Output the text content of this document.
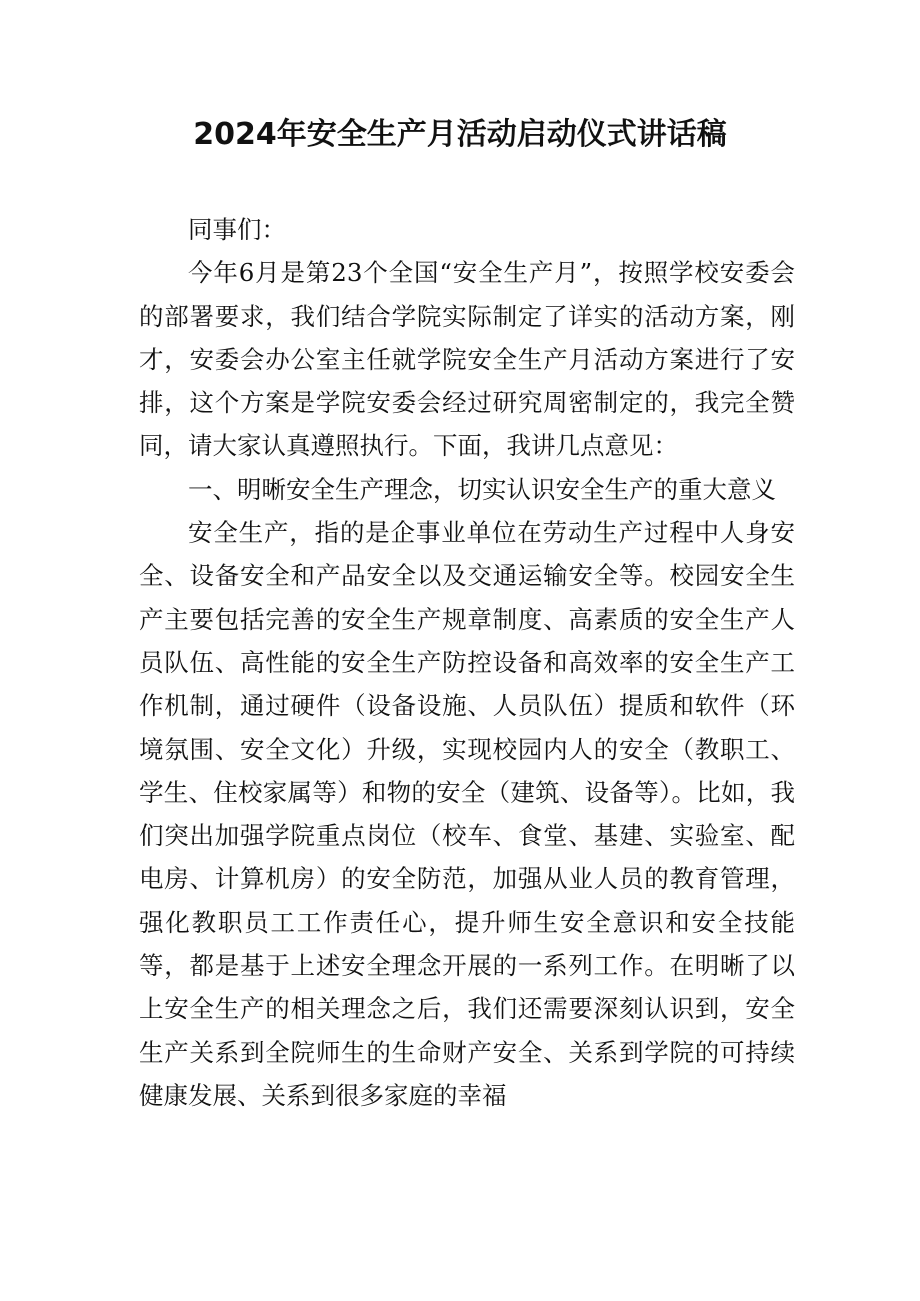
2024年安全生产月活动启动仪式讲话稿

同事们：

今年6月是第23个全国“安全生产月”，按照学校安委会的部署要求，我们结合学院实际制定了详实的活动方案，刚才，安委会办公室主任就学院安全生产月活动方案进行了安排，这个方案是学院安委会经过研究周密制定的，我完全赞同，请大家认真遵照执行。下面，我讲几点意见：

一、明晰安全生产理念，切实认识安全生产的重大意义

安全生产，指的是企事业单位在劳动生产过程中人身安全、设备安全和产品安全以及交通运输安全等。校园安全生产主要包括完善的安全生产规章制度、高素质的安全生产人员队伍、高性能的安全生产防控设备和高效率的安全生产工作机制，通过硬件（设备设施、人员队伍）提质和软件（环境氛围、安全文化）升级，实现校园内人的安全（教职工、学生、住校家属等）和物的安全（建筑、设备等）。比如，我们突出加强学院重点岗位（校车、食堂、基建、实验室、配电房、计算机房）的安全防范，加强从业人员的教育管理，强化教职员工工作责任心，提升师生安全意识和安全技能等，都是基于上述安全理念开展的一系列工作。在明晰了以上安全生产的相关理念之后，我们还需要深刻认识到，安全生产关系到全院师生的生命财产安全、关系到学院的可持续健康发展、关系到很多家庭的幸福
